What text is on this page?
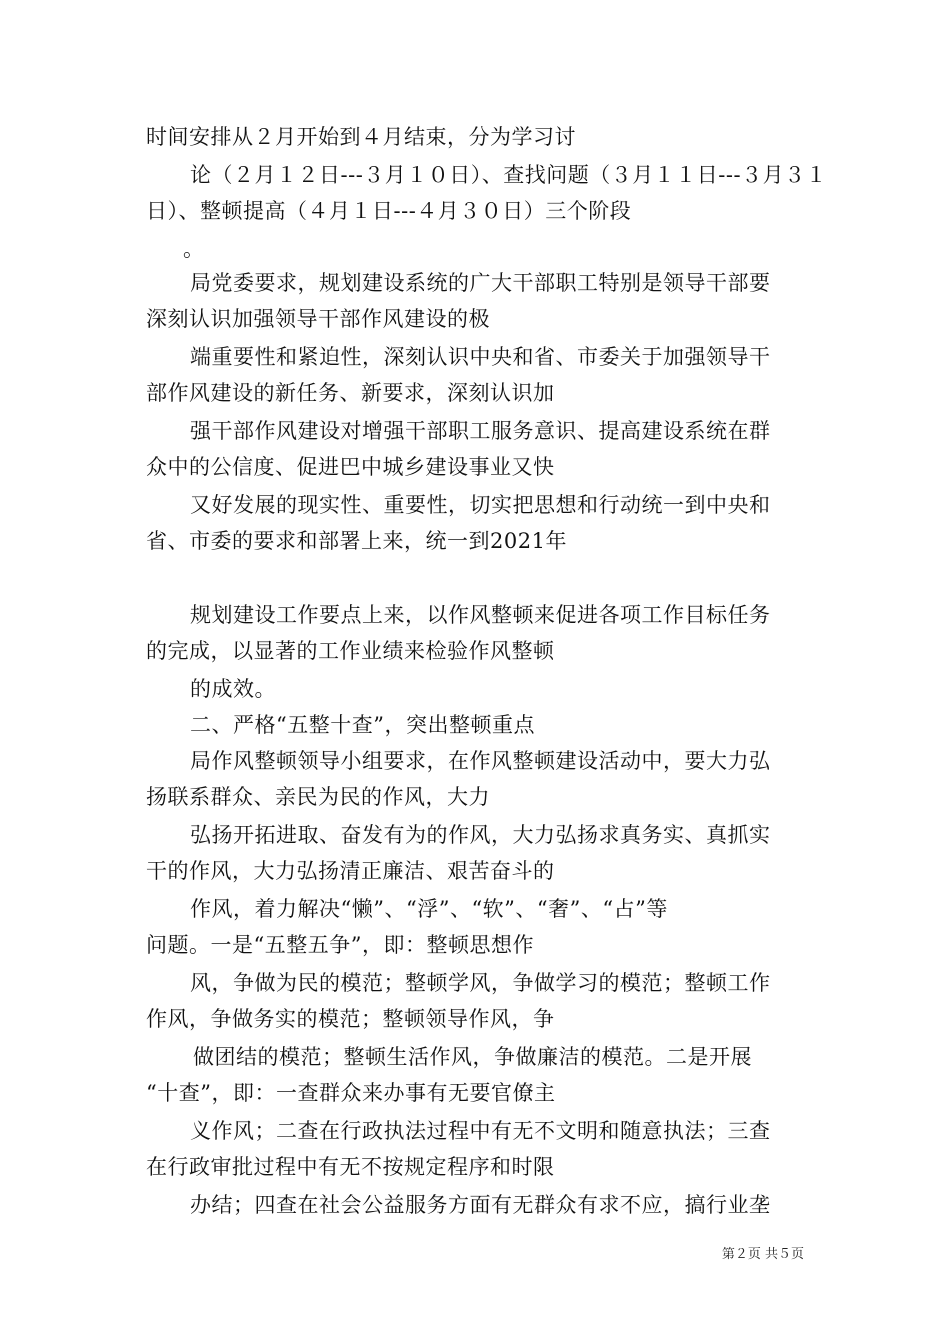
时间安排从２月开始到４月结束，分为学习讨
论（２月１２日---３月１０日）、查找问题（３月１１日---３月３１
日）、整顿提高（４月１日---４月３０日）三个阶段
。
局党委要求，规划建设系统的广大干部职工特别是领导干部要
深刻认识加强领导干部作风建设的极
端重要性和紧迫性，深刻认识中央和省、市委关于加强领导干
部作风建设的新任务、新要求，深刻认识加
强干部作风建设对增强干部职工服务意识、提高建设系统在群
众中的公信度、促进巴中城乡建设事业又快
又好发展的现实性、重要性，切实把思想和行动统一到中央和
省、市委的要求和部署上来，统一到2021年
规划建设工作要点上来，以作风整顿来促进各项工作目标任务
的完成，以显著的工作业绩来检验作风整顿
的成效。
二、严格“五整十查”，突出整顿重点
局作风整顿领导小组要求，在作风整顿建设活动中，要大力弘
扬联系群众、亲民为民的作风，大力
弘扬开拓进取、奋发有为的作风，大力弘扬求真务实、真抓实
干的作风，大力弘扬清正廉洁、艰苦奋斗的
作风，着力解决“懒”、“浮”、“软”、“奢”、“占”等
问题。一是“五整五争”，即：整顿思想作
风，争做为民的模范；整顿学风，争做学习的模范；整顿工作
作风，争做务实的模范；整顿领导作风，争
做团结的模范；整顿生活作风，争做廉洁的模范。二是开展
“十查”，即：一查群众来办事有无要官僚主
义作风；二查在行政执法过程中有无不文明和随意执法；三查
在行政审批过程中有无不按规定程序和时限
办结；四查在社会公益服务方面有无群众有求不应，搞行业垄
第２页 共５页
